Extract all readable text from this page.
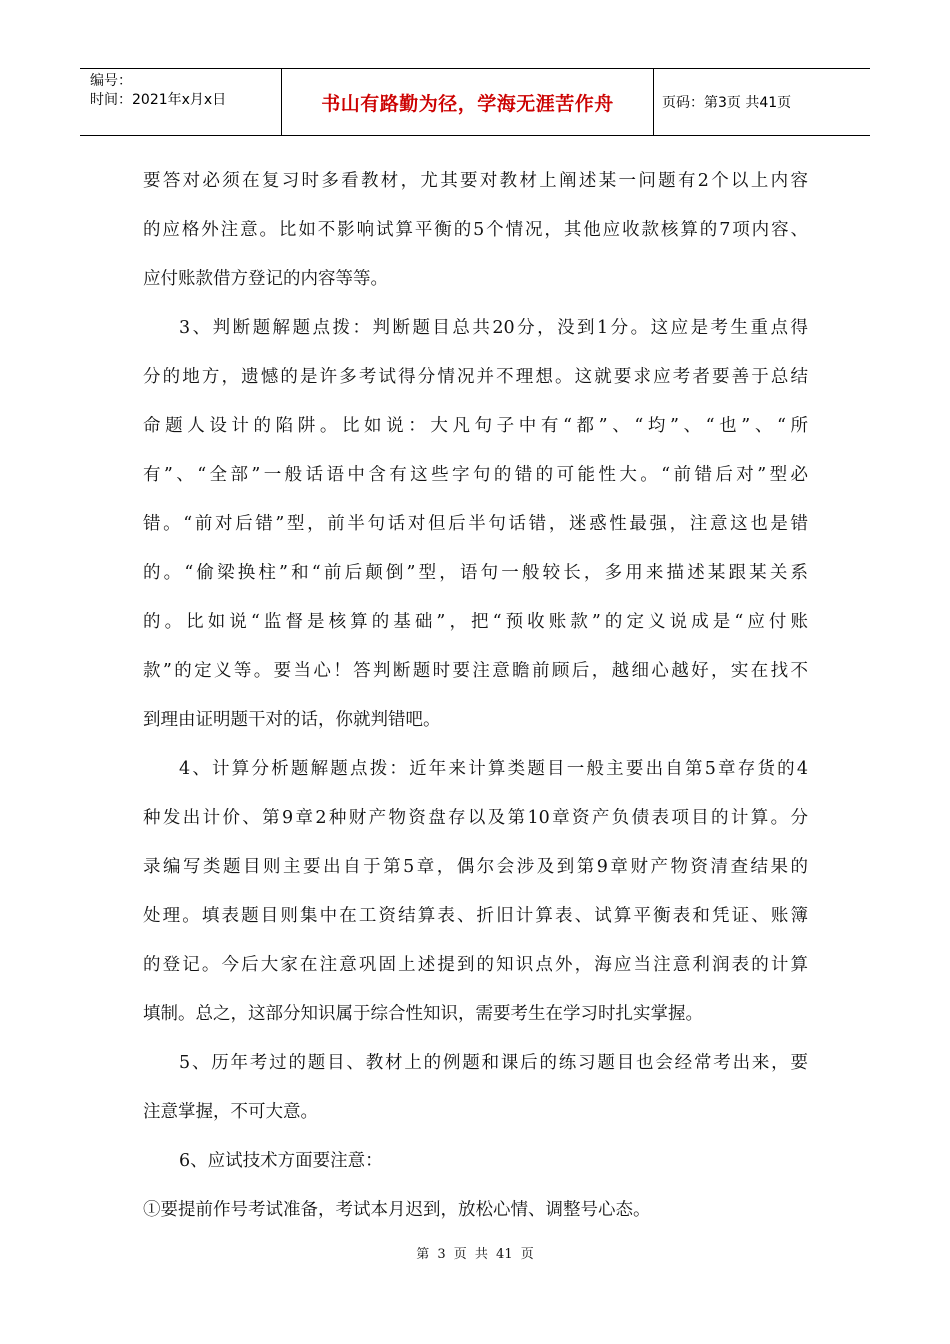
编号：
时间：2021年x月x日	书山有路勤为径，学海无涯苦作舟	页码：第3页 共41页
要答对必须在复习时多看教材，尤其要对教材上阐述某一问题有2个以上内容
的应格外注意。比如不影响试算平衡的5个情况，其他应收款核算的7项内容、
应付账款借方登记的内容等等。
3、判断题解题点拨：判断题目总共20分，没到1分。这应是考生重点得
分的地方，遗憾的是许多考试得分情况并不理想。这就要求应考者要善于总结
命题人设计的陷阱。比如说：大凡句子中有“都”、“均”、“也”、“所
有”、“全部”一般话语中含有这些字句的错的可能性大。“前错后对”型必
错。“前对后错”型，前半句话对但后半句话错，迷惑性最强，注意这也是错
的。“偷梁换柱”和“前后颠倒”型，语句一般较长，多用来描述某跟某关系
的。比如说“监督是核算的基础”，把“预收账款”的定义说成是“应付账
款”的定义等。要当心！答判断题时要注意瞻前顾后，越细心越好，实在找不
到理由证明题干对的话，你就判错吧。
4、计算分析题解题点拨：近年来计算类题目一般主要出自第5章存货的4
种发出计价、第9章2种财产物资盘存以及第10章资产负债表项目的计算。分
录编写类题目则主要出自于第5章，偶尔会涉及到第9章财产物资清查结果的
处理。填表题目则集中在工资结算表、折旧计算表、试算平衡表和凭证、账簿
的登记。今后大家在注意巩固上述提到的知识点外，海应当注意利润表的计算
填制。总之，这部分知识属于综合性知识，需要考生在学习时扎实掌握。
5、历年考过的题目、教材上的例题和课后的练习题目也会经常考出来，要
注意掌握，不可大意。
6、应试技术方面要注意：
①要提前作号考试准备，考试本月迟到，放松心情、调整号心态。
第 3 页 共 41 页
